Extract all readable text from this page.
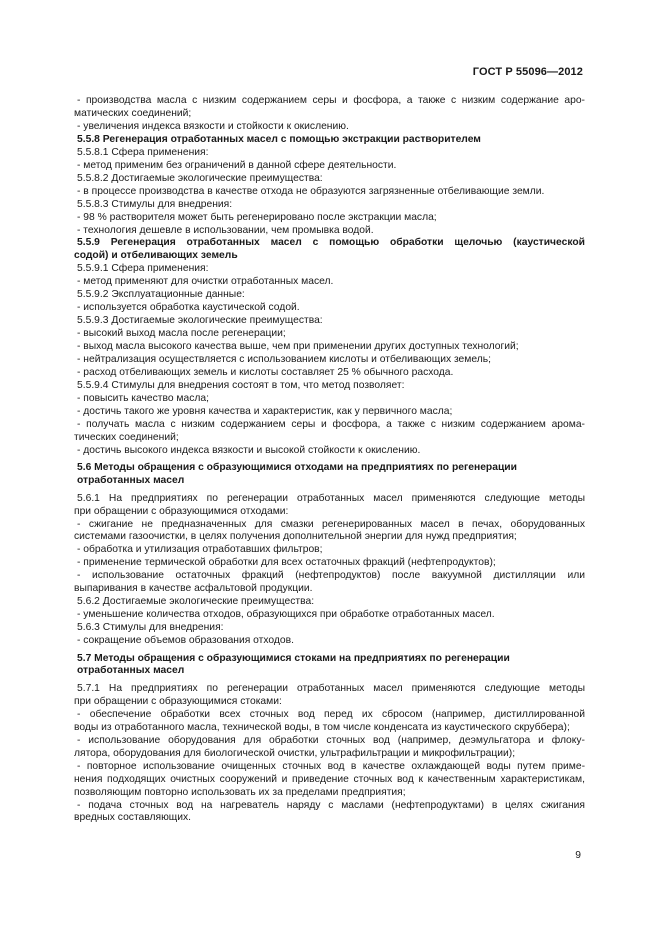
ГОСТ Р 55096—2012
- производства масла с низким содержанием серы и фосфора, а также с низким содержание аро-
матических соединений;
- увеличения индекса вязкости и стойкости к окислению.
5.5.8 Регенерация отработанных масел с помощью экстракции растворителем
5.5.8.1 Сфера применения:
- метод применим без ограничений в данной сфере деятельности.
5.5.8.2 Достигаемые экологические преимущества:
- в процессе производства в качестве отхода не образуются загрязненные отбеливающие земли.
5.5.8.3 Стимулы для внедрения:
- 98 % растворителя может быть регенерировано после экстракции масла;
- технология дешевле в использовании, чем промывка водой.
5.5.9 Регенерация отработанных масел с помощью обработки щелочью (каустической
содой) и отбеливающих земель
5.5.9.1 Сфера применения:
- метод применяют для очистки отработанных масел.
5.5.9.2 Эксплуатационные данные:
- используется обработка каустической содой.
5.5.9.3 Достигаемые экологические преимущества:
- высокий выход масла после регенерации;
- выход масла высокого качества выше, чем при применении других доступных технологий;
- нейтрализация осуществляется с использованием кислоты и отбеливающих земель;
- расход отбеливающих земель и кислоты составляет 25 % обычного расхода.
5.5.9.4 Стимулы для внедрения состоят в том, что метод позволяет:
- повысить качество масла;
- достичь такого же уровня качества и характеристик, как у первичного масла;
- получать масла с низким содержанием серы и фосфора, а также с низким содержанием арома-
тических соединений;
- достичь высокого индекса вязкости и высокой стойкости к окислению.
5.6 Методы обращения с образующимися отходами на предприятиях по регенерации
отработанных масел
5.6.1 На предприятиях по регенерации отработанных масел применяются следующие методы
при обращении с образующимися отходами:
- сжигание не предназначенных для смазки регенерированных масел в печах, оборудованных
системами газоочистки, в целях получения дополнительной энергии для нужд предприятия;
- обработка и утилизация отработавших фильтров;
- применение термической обработки для всех остаточных фракций (нефтепродуктов);
- использование остаточных фракций (нефтепродуктов) после вакуумной дистилляции или
выпаривания в качестве асфальтовой продукции.
5.6.2 Достигаемые экологические преимущества:
- уменьшение количества отходов, образующихся при обработке отработанных масел.
5.6.3 Стимулы для внедрения:
- сокращение объемов образования отходов.
5.7 Методы обращения с образующимися стоками на предприятиях по регенерации
отработанных масел
5.7.1 На предприятиях по регенерации отработанных масел применяются следующие методы
при обращении с образующимися стоками:
- обеспечение обработки всех сточных вод перед их сбросом (например, дистиллированной
воды из отработанного масла, технической воды, в том числе конденсата из каустического скруббера);
- использование оборудования для обработки сточных вод (например, деэмульгатора и флоку-
лятора, оборудования для биологической очистки, ультрафильтрации и микрофильтрации);
- повторное использование очищенных сточных вод в качестве охлаждающей воды путем приме-
нения подходящих очистных сооружений и приведение сточных вод к качественным характеристикам,
позволяющим повторно использовать их за пределами предприятия;
- подача сточных вод на нагреватель наряду с маслами (нефтепродуктами) в целях сжигания
вредных составляющих.
9
